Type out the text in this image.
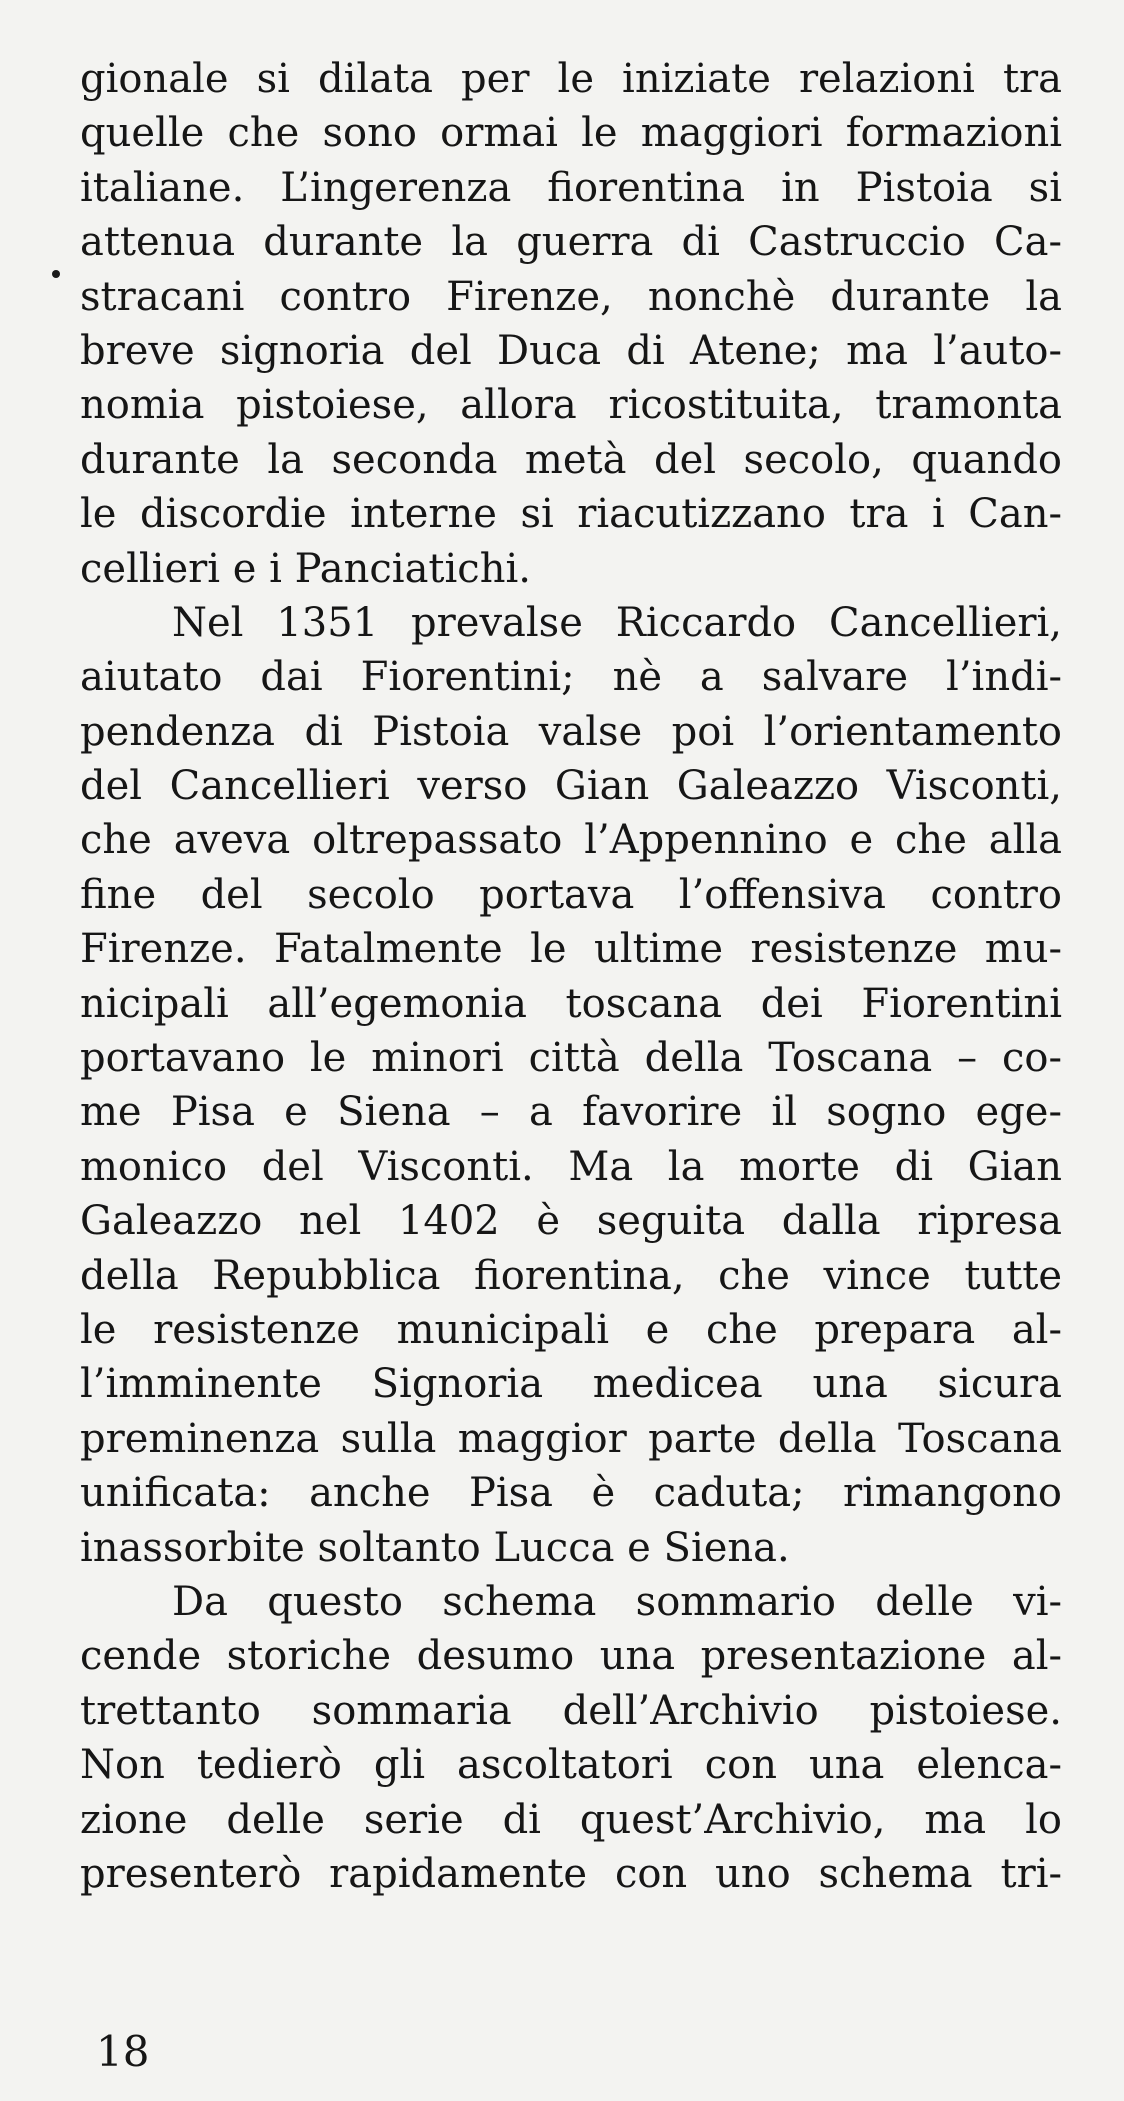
gionale si dilata per le iniziate relazioni tra
quelle che sono ormai le maggiori formazioni
italiane. L’ingerenza fiorentina in Pistoia si
attenua durante la guerra di Castruccio Ca-
stracani contro Firenze, nonchè durante la
breve signoria del Duca di Atene; ma l’auto-
nomia pistoiese, allora ricostituita, tramonta
durante la seconda metà del secolo, quando
le discordie interne si riacutizzano tra i Can-
cellieri e i Panciatichi.
Nel 1351 prevalse Riccardo Cancellieri,
aiutato dai Fiorentini; nè a salvare l’indi-
pendenza di Pistoia valse poi l’orientamento
del Cancellieri verso Gian Galeazzo Visconti,
che aveva oltrepassato l’Appennino e che alla
fine del secolo portava l’offensiva contro
Firenze. Fatalmente le ultime resistenze mu-
nicipali all’egemonia toscana dei Fiorentini
portavano le minori città della Toscana – co-
me Pisa e Siena – a favorire il sogno ege-
monico del Visconti. Ma la morte di Gian
Galeazzo nel 1402 è seguita dalla ripresa
della Repubblica fiorentina, che vince tutte
le resistenze municipali e che prepara al-
l’imminente Signoria medicea una sicura
preminenza sulla maggior parte della Toscana
unificata: anche Pisa è caduta; rimangono
inassorbite soltanto Lucca e Siena.
Da questo schema sommario delle vi-
cende storiche desumo una presentazione al-
trettanto sommaria dell’Archivio pistoiese.
Non tedierò gli ascoltatori con una elenca-
zione delle serie di quest’Archivio, ma lo
presenterò rapidamente con uno schema tri-
18
